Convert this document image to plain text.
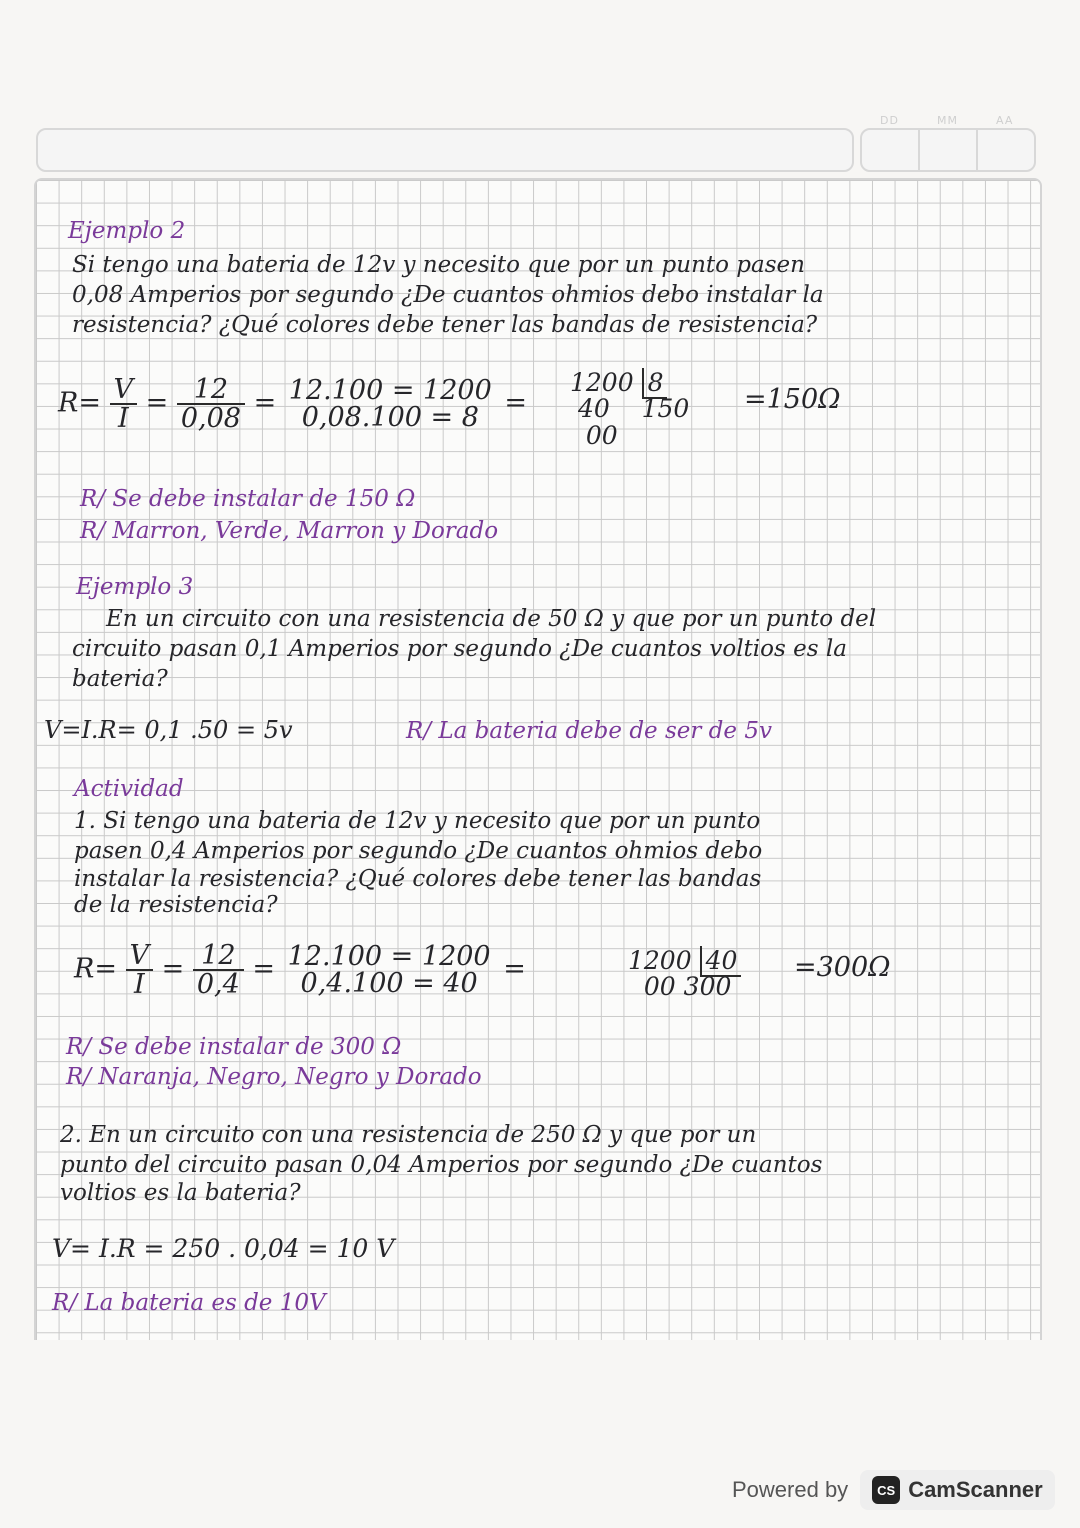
DD	MM	AA
Ejemplo 2
Si tengo una bateria de 12v y necesito que por un punto pasen
0,08 Amperios por segundo ¿De cuantos ohmios debo instalar la
resistencia? ¿Qué colores debe tener las bandas de resistencia?
$R= \frac{V}{I} = \frac{12}{0,08} = 12.100 = 1200$
0,08.100 = 8 =
1200 8
40 150
00
=150Ω
R/ Se debe instalar de 150 Ω
R/ Marron, Verde, Marron y Dorado
Ejemplo 3
En un circuito con una resistencia de 50 Ω y que por un punto del
circuito pasan 0,1 Amperios por segundo ¿De cuantos voltios es la
bateria?
V=I.R= 0,1 .50 = 5v	R/ La bateria debe de ser de 5v
Actividad
1. Si tengo una bateria de 12v y necesito que por un punto
pasen 0,4 Amperios por segundo ¿De cuantos ohmios debo
instalar la resistencia? ¿Qué colores debe tener las bandas
de la resistencia?
$R= \frac{V}{I} = \frac{12}{0,4} = 12.100 = 1200$
0,4.100 = 40 =	1200 40
00 300
=300Ω
R/ Se debe instalar de 300 Ω
R/ Naranja, Negro, Negro y Dorado
2. En un circuito con una resistencia de 250 Ω y que por un
punto del circuito pasan 0,04 Amperios por segundo ¿De cuantos
voltios es la bateria?
V= I.R = 250 . 0,04 = 10 V
R/ La bateria es de 10V
Powered by	CS CamScanner
